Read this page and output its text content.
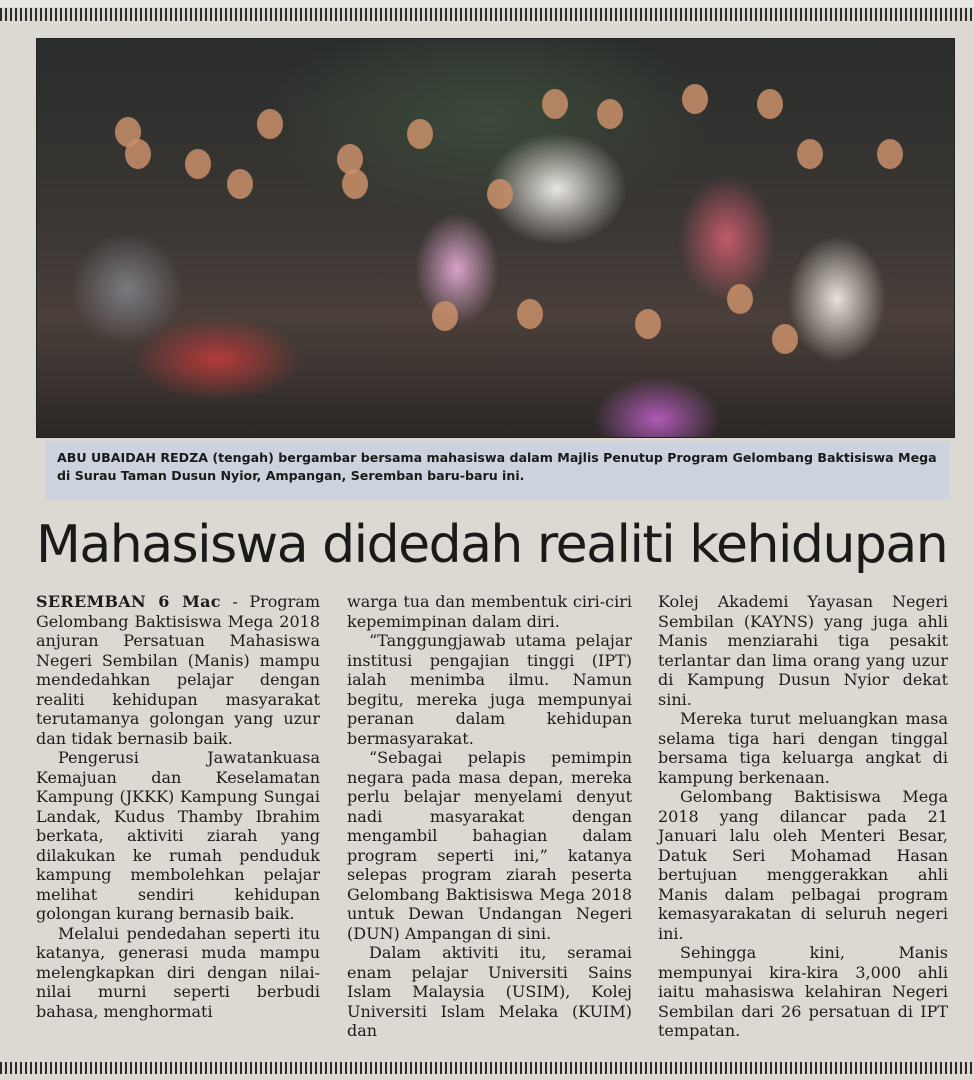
ABU UBAIDAH REDZA (tengah) bergambar bersama mahasiswa dalam Majlis Penutup Program Gelombang Baktisiswa Mega di Surau Taman Dusun Nyior, Ampangan, Seremban baru-baru ini.
Mahasiswa didedah realiti kehidupan

SEREMBAN 6 Mac - Program Gelombang Baktisiswa Mega 2018 anjuran Persatuan Mahasiswa Negeri Sembilan (Manis) mampu mendedahkan pelajar dengan realiti kehidupan masyarakat terutamanya golongan yang uzur dan tidak bernasib baik.

Pengerusi Jawatankuasa Kemajuan dan Keselamatan Kampung (JKKK) Kampung Sungai Landak, Kudus Thamby Ibrahim berkata, aktiviti ziarah yang dilakukan ke rumah penduduk kampung membolehkan pelajar melihat sendiri kehidupan golongan kurang bernasib baik.

Melalui pendedahan seperti itu katanya, generasi muda mampu melengkapkan diri dengan nilai-nilai murni seperti berbudi bahasa, menghormati

warga tua dan membentuk ciri-ciri kepemimpinan dalam diri.

“Tanggungjawab utama pelajar institusi pengajian tinggi (IPT) ialah menimba ilmu. Namun begitu, mereka juga mempunyai peranan dalam kehidupan bermasyarakat.

“Sebagai pelapis pemimpin negara pada masa depan, mereka perlu belajar menyelami denyut nadi masyarakat dengan mengambil bahagian dalam program seperti ini,” katanya selepas program ziarah peserta Gelombang Baktisiswa Mega 2018 untuk Dewan Undangan Negeri (DUN) Ampangan di sini.

Dalam aktiviti itu, seramai enam pelajar Universiti Sains Islam Malaysia (USIM), Kolej Universiti Islam Melaka (KUIM) dan

Kolej Akademi Yayasan Negeri Sembilan (KAYNS) yang juga ahli Manis menziarahi tiga pesakit terlantar dan lima orang yang uzur di Kampung Dusun Nyior dekat sini.

Mereka turut meluangkan masa selama tiga hari dengan tinggal bersama tiga keluarga angkat di kampung berkenaan.

Gelombang Baktisiswa Mega 2018 yang dilancar pada 21 Januari lalu oleh Menteri Besar, Datuk Seri Mohamad Hasan bertujuan menggerakkan ahli Manis dalam pelbagai program kemasyarakatan di seluruh negeri ini.

Sehingga kini, Manis mempunyai kira-kira 3,000 ahli iaitu mahasiswa kelahiran Negeri Sembilan dari 26 persatuan di IPT tempatan.
